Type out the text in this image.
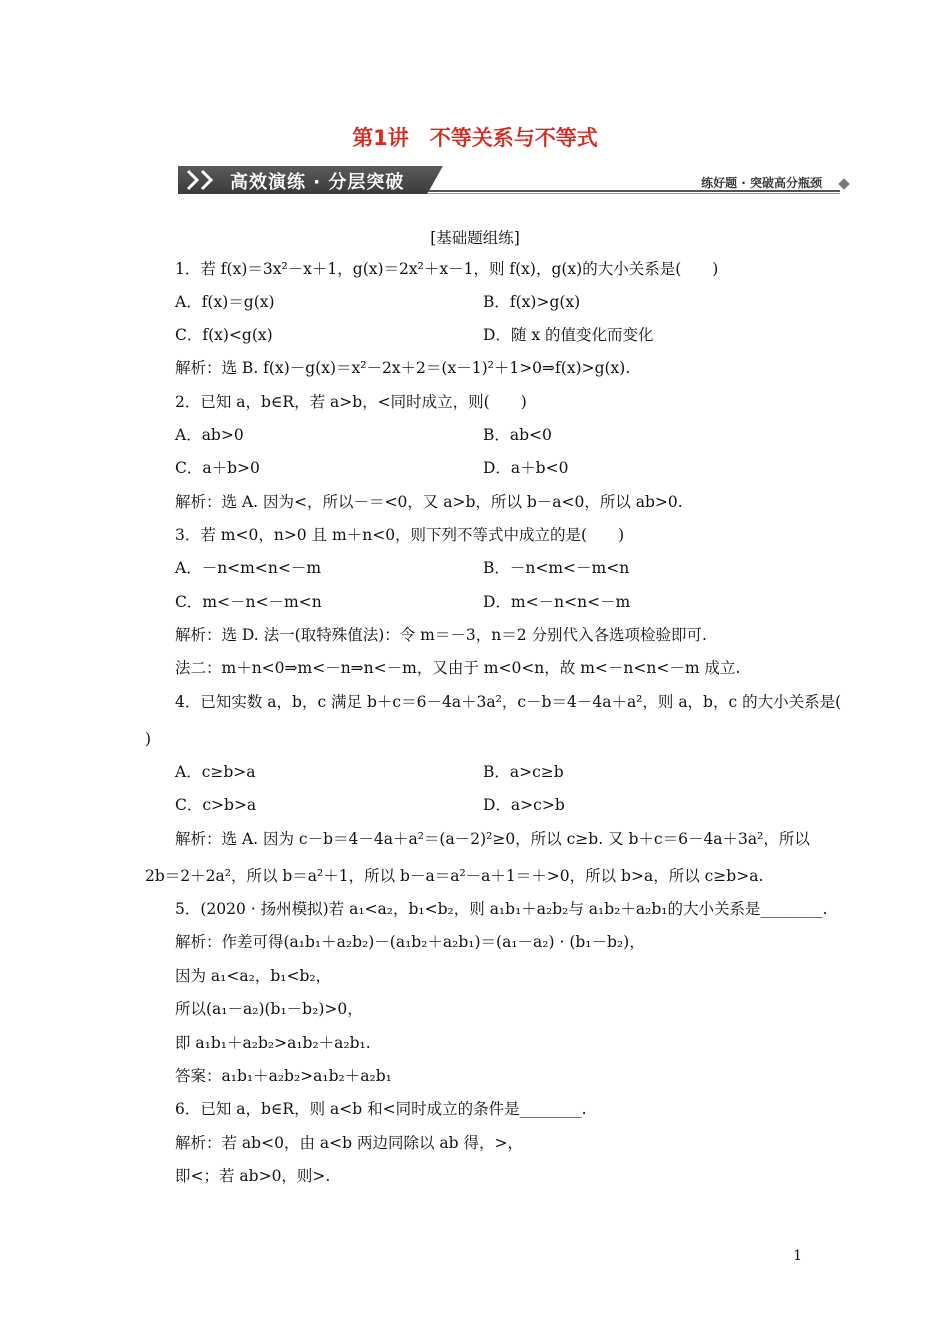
第1讲　不等关系与不等式
高效演练 · 分层突破	练好题 · 突破高分瓶颈
[基础题组练]
1．若 f(x)＝3x²－x＋1，g(x)＝2x²＋x－1，则 f(x)，g(x)的大小关系是(　　)
A．f(x)＝g(x)	B．f(x)>g(x)
C．f(x)<g(x)	D．随 x 的值变化而变化
解析：选 B. f(x)－g(x)＝x²－2x＋2＝(x－1)²＋1>0⇒f(x)>g(x).
2．已知 a，b∈R，若 a>b，<同时成立，则(　　)
A．ab>0	B．ab<0
C．a＋b>0	D．a＋b<0
解析：选 A. 因为<，所以－＝<0，又 a>b，所以 b－a<0，所以 ab>0.
3．若 m<0，n>0 且 m＋n<0，则下列不等式中成立的是(　　)
A．－n<m<n<－m	B．－n<m<－m<n
C．m<－n<－m<n	D．m<－n<n<－m
解析：选 D. 法一(取特殊值法)：令 m＝－3，n＝2 分别代入各选项检验即可.
法二：m＋n<0⇒m<－n⇒n<－m，又由于 m<0<n，故 m<－n<n<－m 成立.
4．已知实数 a，b，c 满足 b＋c＝6－4a＋3a²，c－b＝4－4a＋a²，则 a，b，c 的大小关系是(
)
A．c≥b>a	B．a>c≥b
C．c>b>a	D．a>c>b
解析：选 A. 因为 c－b＝4－4a＋a²＝(a－2)²≥0，所以 c≥b. 又 b＋c＝6－4a＋3a²，所以
2b＝2＋2a²，所以 b＝a²＋1，所以 b－a＝a²－a＋1＝＋>0，所以 b>a，所以 c≥b>a.
5．(2020 · 扬州模拟)若 a₁<a₂，b₁<b₂，则 a₁b₁＋a₂b₂与 a₁b₂＋a₂b₁的大小关系是________.
解析：作差可得(a₁b₁＋a₂b₂)－(a₁b₂＋a₂b₁)＝(a₁－a₂) · (b₁－b₂)，
因为 a₁<a₂，b₁<b₂，
所以(a₁－a₂)(b₁－b₂)>0，
即 a₁b₁＋a₂b₂>a₁b₂＋a₂b₁.
答案：a₁b₁＋a₂b₂>a₁b₂＋a₂b₁
6．已知 a，b∈R，则 a<b 和<同时成立的条件是________.
解析：若 ab<0，由 a<b 两边同除以 ab 得，>，
即<；若 ab>0，则>.
1
